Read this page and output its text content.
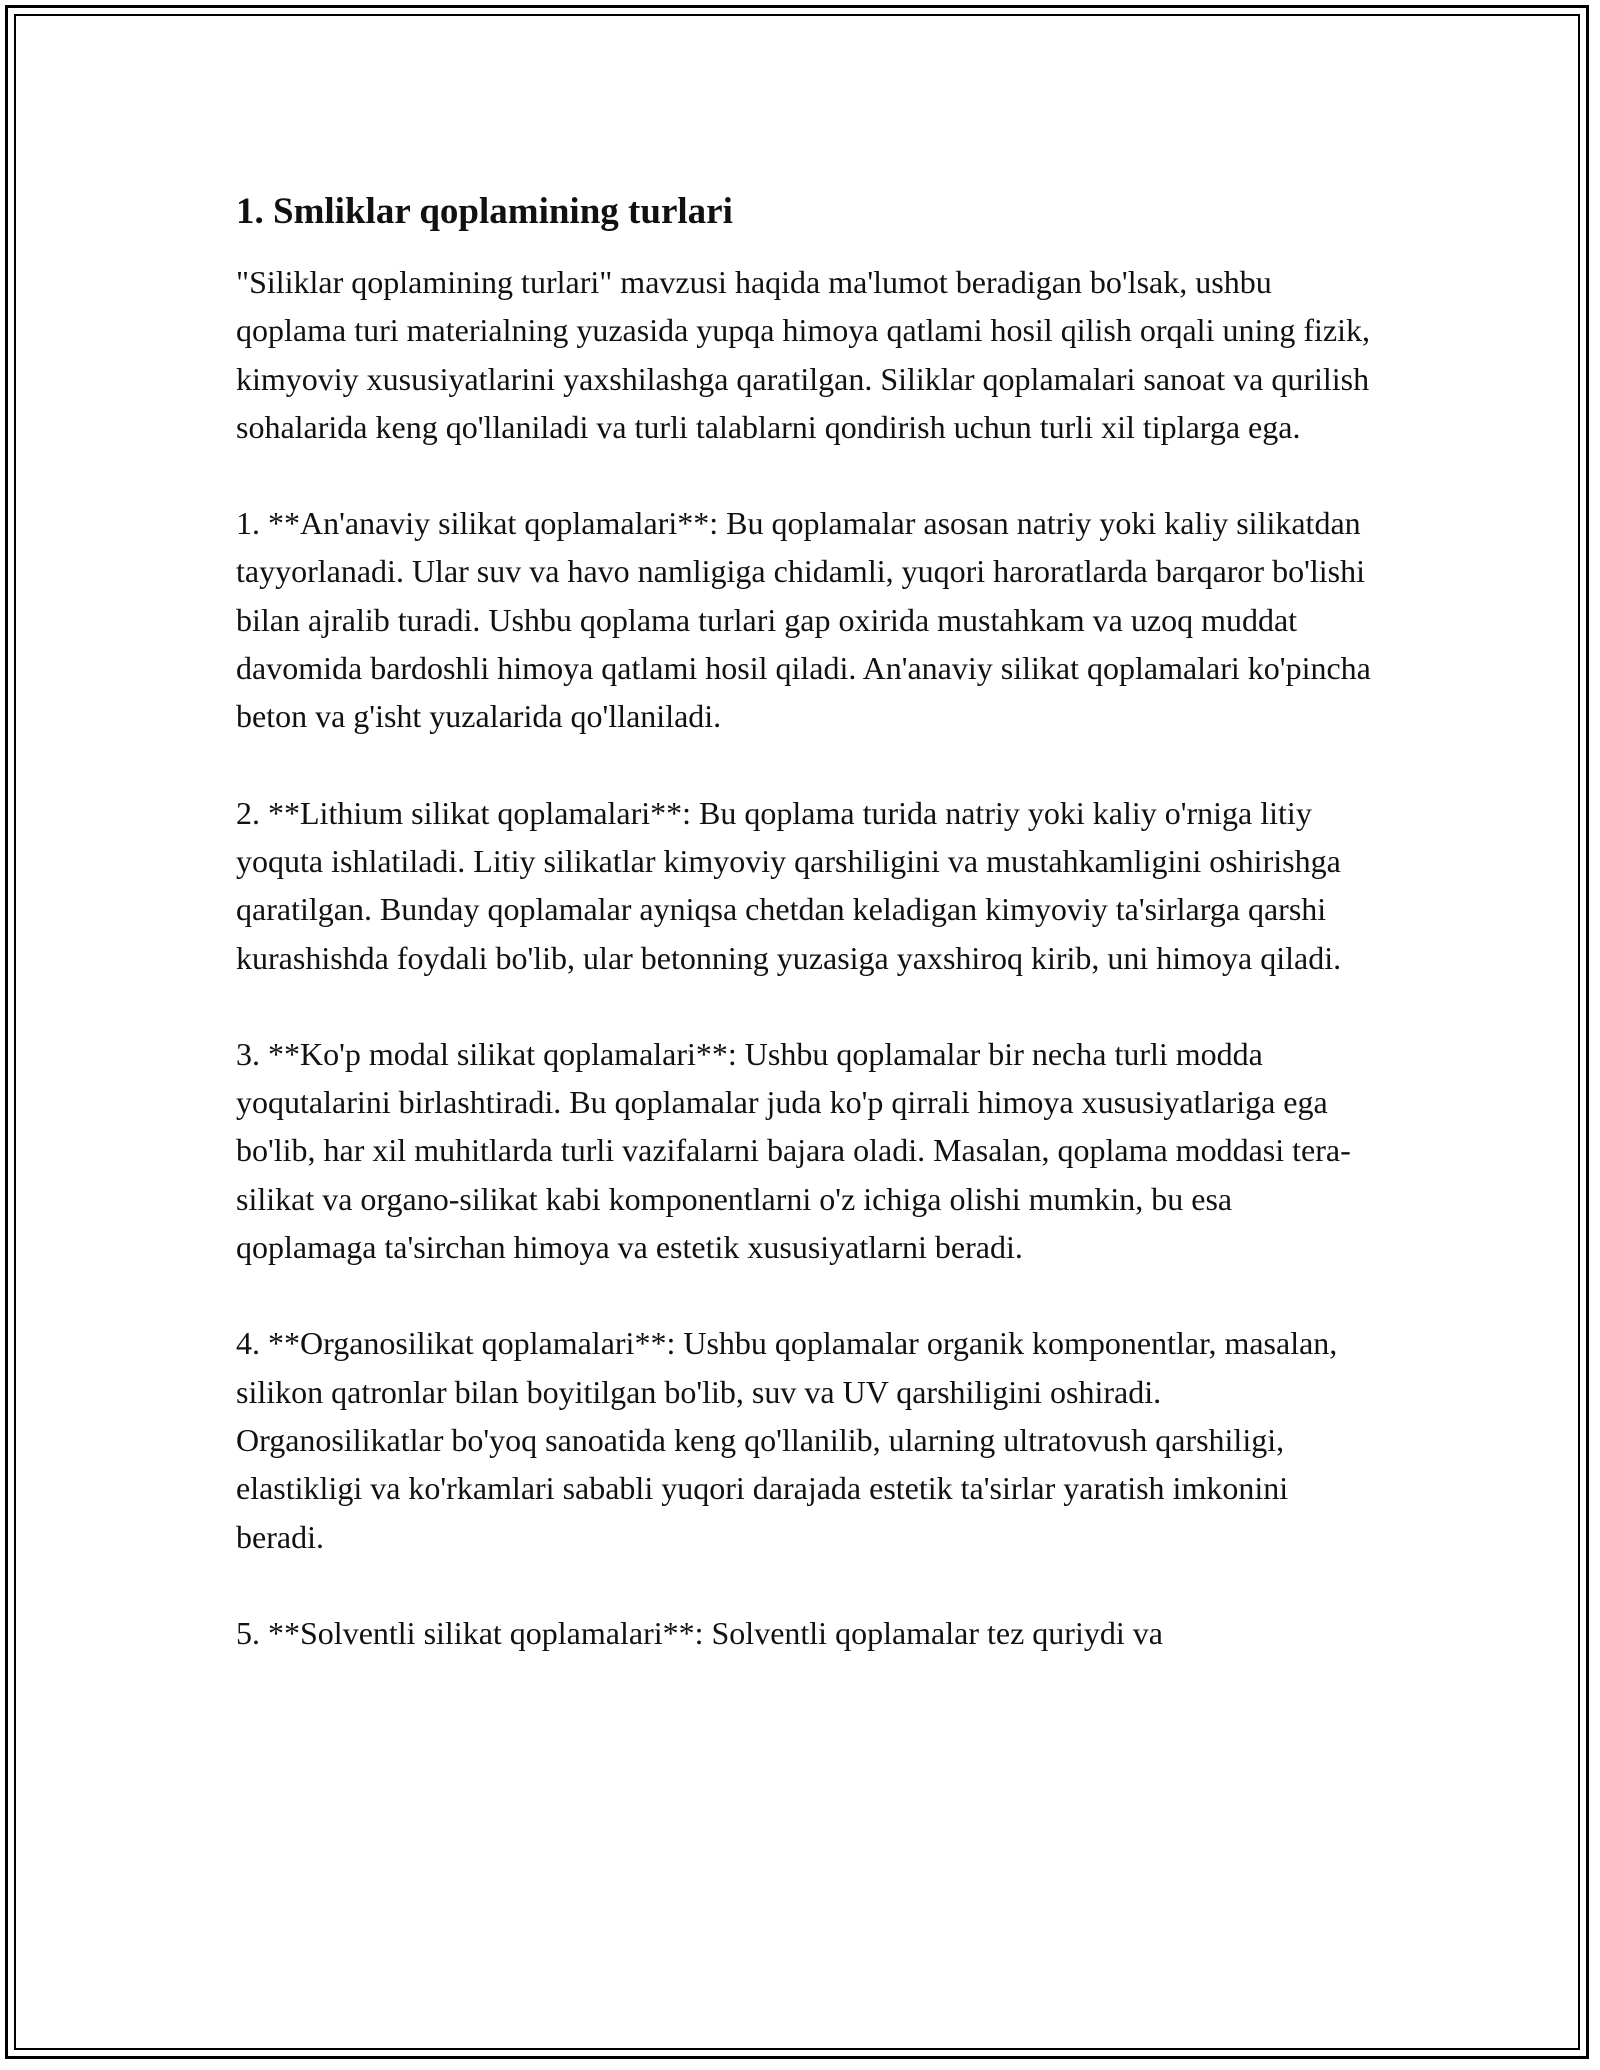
1. Smliklar qoplamining turlari

"Siliklar qoplamining turlari" mavzusi haqida ma'lumot beradigan bo'lsak, ushbu qoplama turi materialning yuzasida yupqa himoya qatlami hosil qilish orqali uning fizik, kimyoviy xususiyatlarini yaxshilashga qaratilgan. Siliklar qoplamalari sanoat va qurilish sohalarida keng qo'llaniladi va turli talablarni qondirish uchun turli xil tiplarga ega.

1. **An'anaviy silikat qoplamalari**: Bu qoplamalar asosan natriy yoki kaliy silikatdan tayyorlanadi. Ular suv va havo namligiga chidamli, yuqori haroratlarda barqaror bo'lishi bilan ajralib turadi. Ushbu qoplama turlari gap oxirida mustahkam va uzoq muddat davomida bardoshli himoya qatlami hosil qiladi. An'anaviy silikat qoplamalari ko'pincha beton va g'isht yuzalarida qo'llaniladi.

2. **Lithium silikat qoplamalari**: Bu qoplama turida natriy yoki kaliy o'rniga litiy yoquta ishlatiladi. Litiy silikatlar kimyoviy qarshiligini va mustahkamligini oshirishga qaratilgan. Bunday qoplamalar ayniqsa chetdan keladigan kimyoviy ta'sirlarga qarshi kurashishda foydali bo'lib, ular betonning yuzasiga yaxshiroq kirib, uni himoya qiladi.

3. **Ko'p modal silikat qoplamalari**: Ushbu qoplamalar bir necha turli modda yoqutalarini birlashtiradi. Bu qoplamalar juda ko'p qirrali himoya xususiyatlariga ega bo'lib, har xil muhitlarda turli vazifalarni bajara oladi. Masalan, qoplama moddasi tera-silikat va organo-silikat kabi komponentlarni o'z ichiga olishi mumkin, bu esa qoplamaga ta'sirchan himoya va estetik xususiyatlarni beradi.

4. **Organosilikat qoplamalari**: Ushbu qoplamalar organik komponentlar, masalan, silikon qatronlar bilan boyitilgan bo'lib, suv va UV qarshiligini oshiradi. Organosilikatlar bo'yoq sanoatida keng qo'llanilib, ularning ultratovush qarshiligi, elastikligi va ko'rkamlari sababli yuqori darajada estetik ta'sirlar yaratish imkonini beradi.

5. **Solventli silikat qoplamalari**: Solventli qoplamalar tez quriydi va
